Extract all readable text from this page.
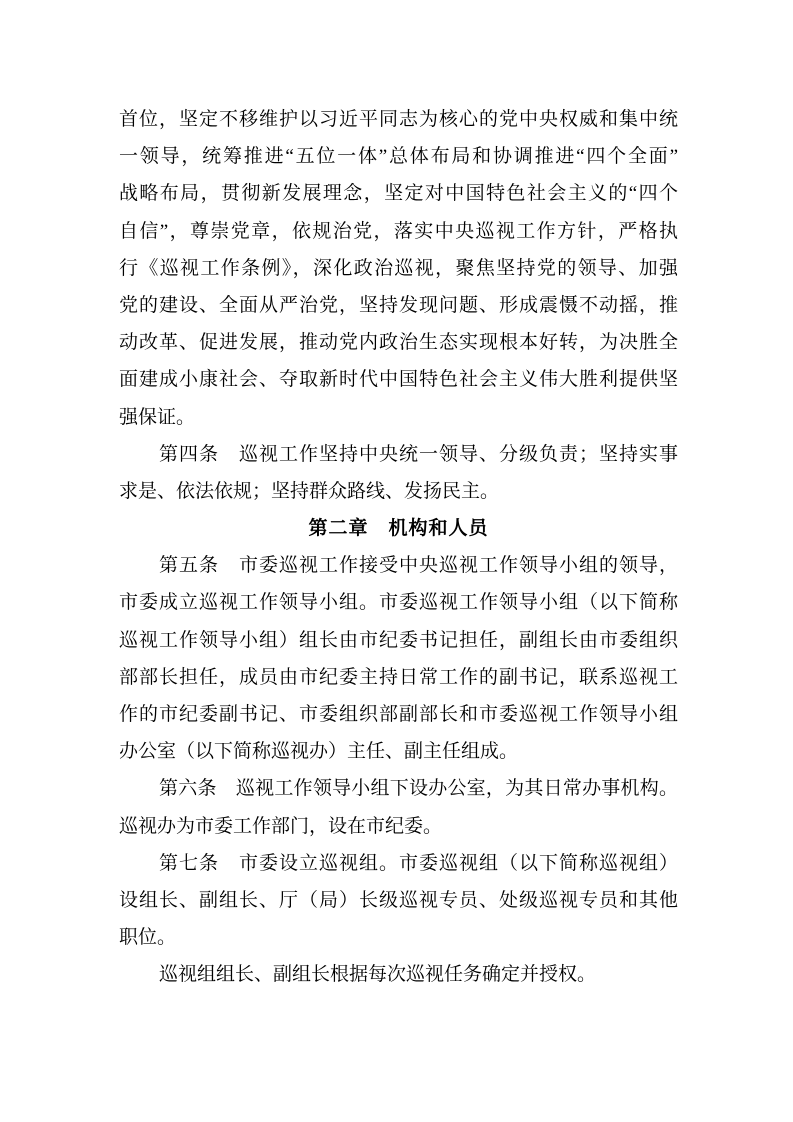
首位，坚定不移维护以习近平同志为核心的党中央权威和集中统
一领导，统筹推进“五位一体”总体布局和协调推进“四个全面”
战略布局，贯彻新发展理念，坚定对中国特色社会主义的“四个
自信”，尊崇党章，依规治党，落实中央巡视工作方针，严格执
行《巡视工作条例》，深化政治巡视，聚焦坚持党的领导、加强
党的建设、全面从严治党，坚持发现问题、形成震慑不动摇，推
动改革、促进发展，推动党内政治生态实现根本好转，为决胜全
面建成小康社会、夺取新时代中国特色社会主义伟大胜利提供坚
强保证。
第四条　巡视工作坚持中央统一领导、分级负责；坚持实事
求是、依法依规；坚持群众路线、发扬民主。
第二章　机构和人员
第五条　市委巡视工作接受中央巡视工作领导小组的领导，
市委成立巡视工作领导小组。市委巡视工作领导小组（以下简称
巡视工作领导小组）组长由市纪委书记担任，副组长由市委组织
部部长担任，成员由市纪委主持日常工作的副书记，联系巡视工
作的市纪委副书记、市委组织部副部长和市委巡视工作领导小组
办公室（以下简称巡视办）主任、副主任组成。
第六条　巡视工作领导小组下设办公室，为其日常办事机构。
巡视办为市委工作部门，设在市纪委。
第七条　市委设立巡视组。市委巡视组（以下简称巡视组）
设组长、副组长、厅（局）长级巡视专员、处级巡视专员和其他
职位。
巡视组组长、副组长根据每次巡视任务确定并授权。
